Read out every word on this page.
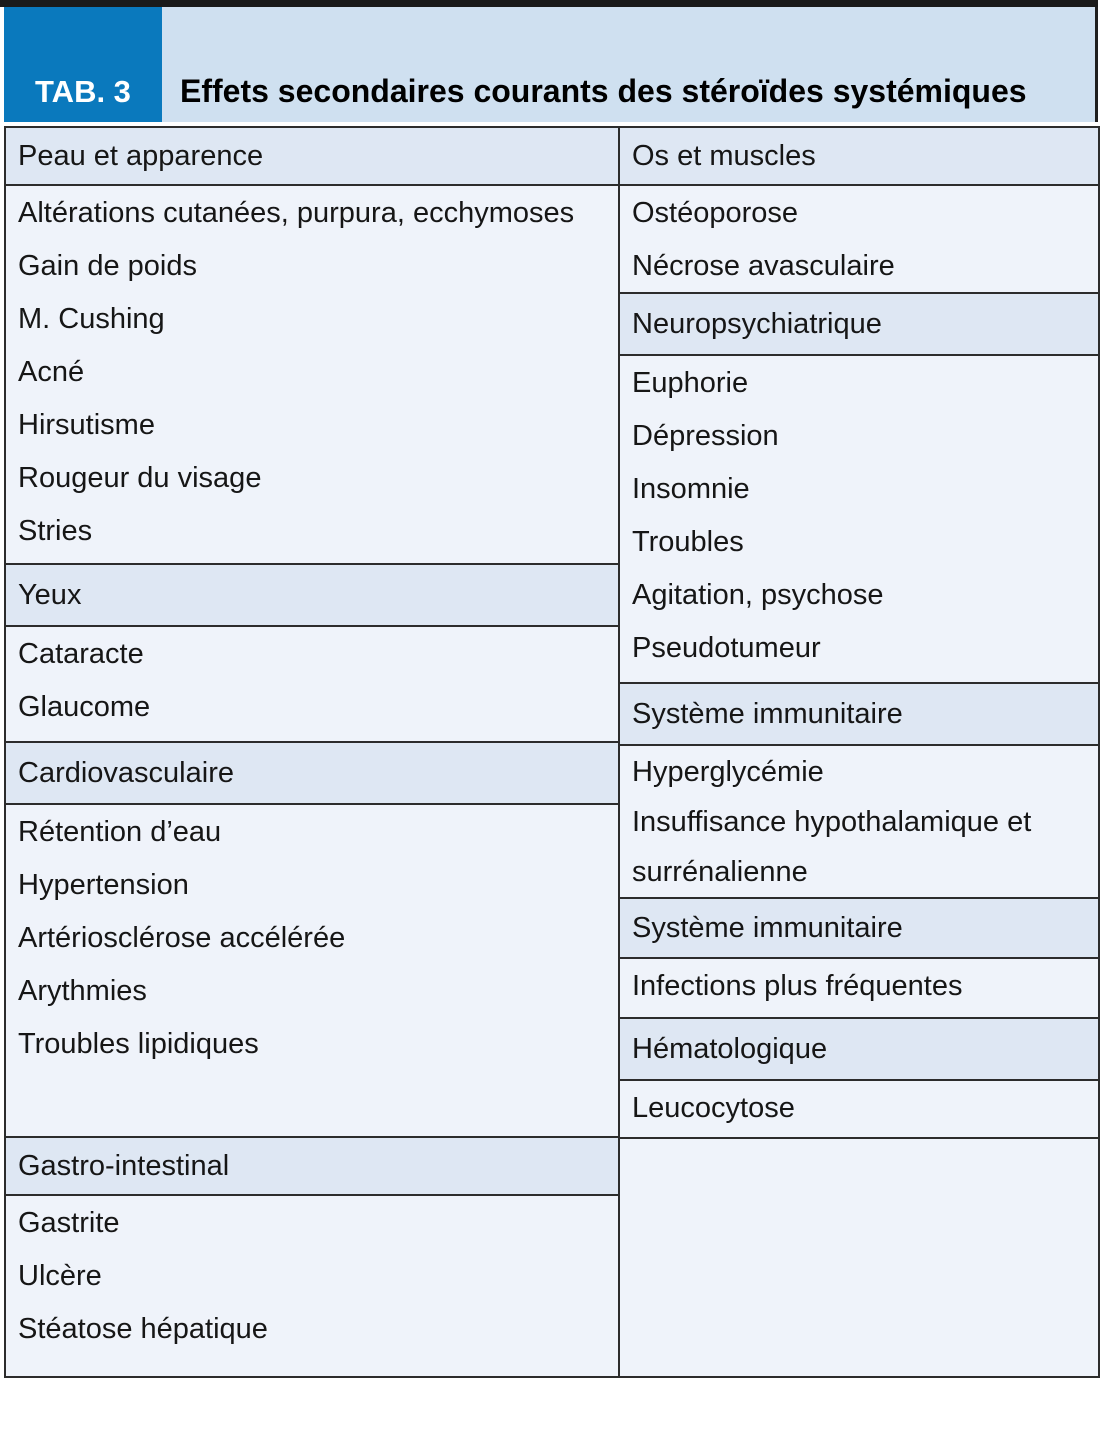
TAB. 3 Effets secondaires courants des stéroïdes systémiques
Peau et apparence
Altérations cutanées, purpura, ecchymoses
Gain de poids
M. Cushing
Acné
Hirsutisme
Rougeur du visage
Stries
Yeux
Cataracte
Glaucome
Cardiovasculaire
Rétention d’eau
Hypertension
Artériosclérose accélérée
Arythmies
Troubles lipidiques
Gastro-intestinal
Gastrite
Ulcère
Stéatose hépatique
Os et muscles
Ostéoporose
Nécrose avasculaire
Neuropsychiatrique
Euphorie
Dépression
Insomnie
Troubles
Agitation, psychose
Pseudotumeur
Système immunitaire
Hyperglycémie
Insuffisance hypothalamique et surrénalienne
Système immunitaire
Infections plus fréquentes
Hématologique
Leucocytose
